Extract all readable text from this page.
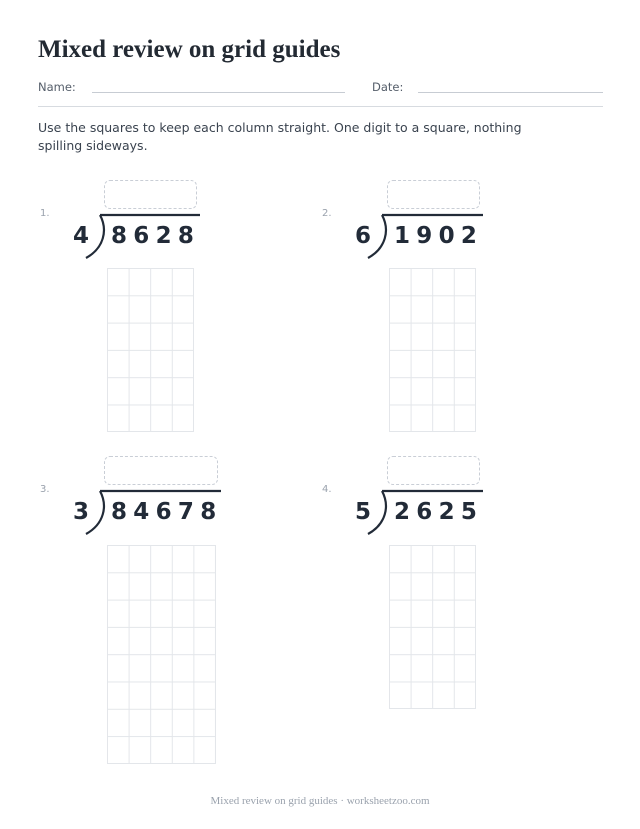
Mixed review on grid guides
Name:	Date:

Use the squares to keep each column straight. One digit to a square, nothing spilling sideways.

1.
4 8628
2.
6 1902
3.
3 84678
4.
5 2625
Mixed review on grid guides · worksheetzoo.com
